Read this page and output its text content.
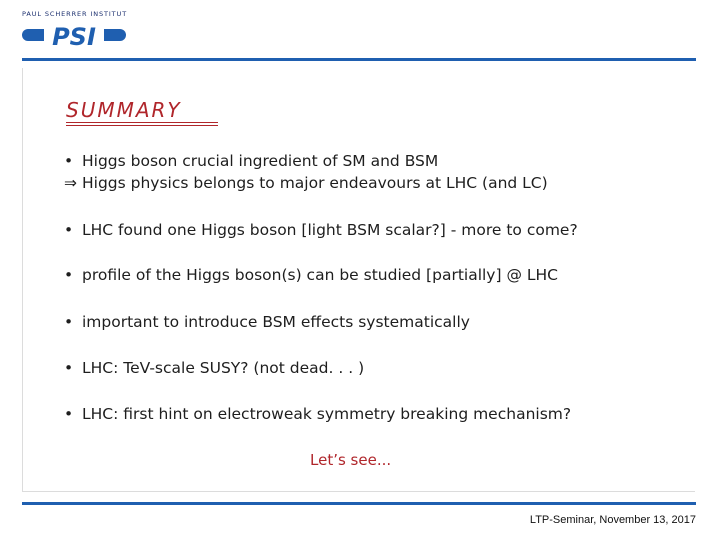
PAUL SCHERRER INSTITUT
PSI
SUMMARY
• Higgs boson crucial ingredient of SM and BSM
⇒ Higgs physics belongs to major endeavours at LHC (and LC)
• LHC found one Higgs boson [light BSM scalar?] - more to come?
• profile of the Higgs boson(s) can be studied [partially] @ LHC
• important to introduce BSM effects systematically
• LHC: TeV-scale SUSY? (not dead. . . )
• LHC: first hint on electroweak symmetry breaking mechanism?
Let’s see...
LTP-Seminar, November 13, 2017
